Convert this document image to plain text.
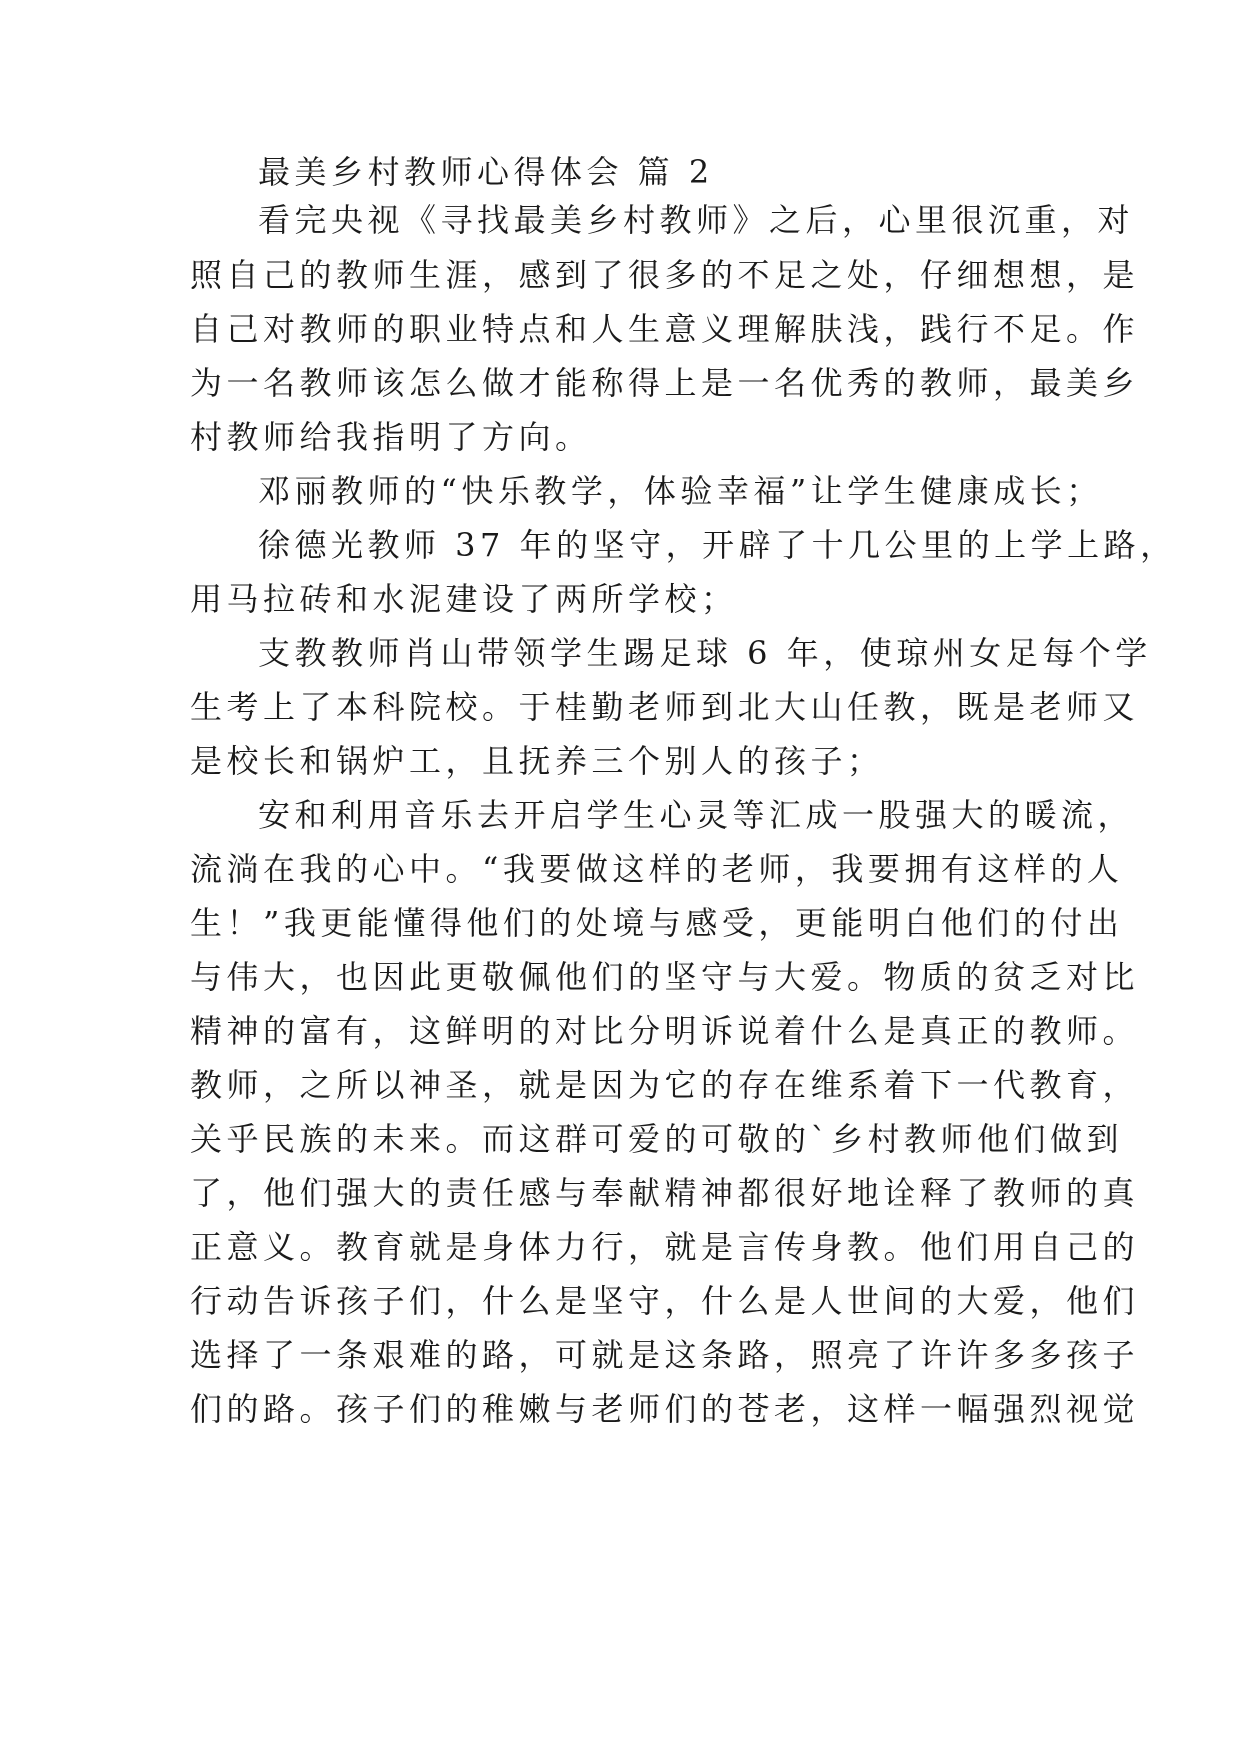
最美乡村教师心得体会 篇 2
看完央视《寻找最美乡村教师》之后，心里很沉重，对
照自己的教师生涯，感到了很多的不足之处，仔细想想，是
自己对教师的职业特点和人生意义理解肤浅，践行不足。作
为一名教师该怎么做才能称得上是一名优秀的教师，最美乡
村教师给我指明了方向。
邓丽教师的“快乐教学，体验幸福”让学生健康成长；
徐德光教师 37 年的坚守，开辟了十几公里的上学上路，
用马拉砖和水泥建设了两所学校；
支教教师肖山带领学生踢足球 6 年，使琼州女足每个学
生考上了本科院校。于桂勤老师到北大山任教，既是老师又
是校长和锅炉工，且抚养三个别人的孩子；
安和利用音乐去开启学生心灵等汇成一股强大的暖流，
流淌在我的心中。“我要做这样的老师，我要拥有这样的人
生！”我更能懂得他们的处境与感受，更能明白他们的付出
与伟大，也因此更敬佩他们的坚守与大爱。物质的贫乏对比
精神的富有，这鲜明的对比分明诉说着什么是真正的教师。
教师，之所以神圣，就是因为它的存在维系着下一代教育，
关乎民族的未来。而这群可爱的可敬的`乡村教师他们做到
了，他们强大的责任感与奉献精神都很好地诠释了教师的真
正意义。教育就是身体力行，就是言传身教。他们用自己的
行动告诉孩子们，什么是坚守，什么是人世间的大爱，他们
选择了一条艰难的路，可就是这条路，照亮了许许多多孩子
们的路。孩子们的稚嫩与老师们的苍老，这样一幅强烈视觉
